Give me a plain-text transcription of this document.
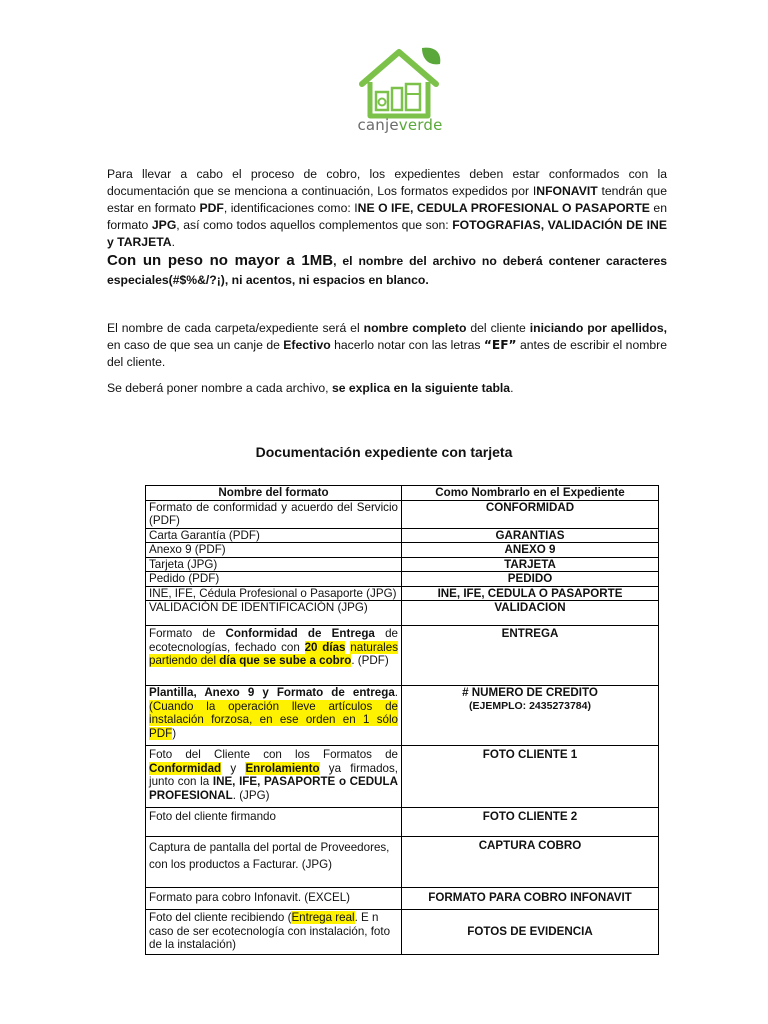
canjeverde
Para llevar a cabo el proceso de cobro, los expedientes deben estar conformados con la documentación que se menciona a continuación, Los formatos expedidos por INFONAVIT tendrán que estar en formato PDF, identificaciones como: INE O IFE, CEDULA PROFESIONAL O PASAPORTE en formato JPG, así como todos aquellos complementos que son: FOTOGRAFIAS, VALIDACIÓN DE INE y TARJETA.
Con un peso no mayor a 1MB, el nombre del archivo no deberá contener caracteres especiales(#$%&/?¡), ni acentos, ni espacios en blanco.
El nombre de cada carpeta/expediente será el nombre completo del cliente iniciando por apellidos, en caso de que sea un canje de Efectivo hacerlo notar con las letras “EF” antes de escribir el nombre del cliente.
Se deberá poner nombre a cada archivo, se explica en la siguiente tabla.
Documentación expediente con tarjeta
Nombre del formato	Como Nombrarlo en el Expediente
Formato de conformidad y acuerdo del Servicio (PDF)	CONFORMIDAD
Carta Garantía (PDF)	GARANTIAS
Anexo 9 (PDF)	ANEXO 9
Tarjeta (JPG)	TARJETA
Pedido (PDF)	PEDIDO
INE, IFE, Cédula Profesional o Pasaporte (JPG)	INE, IFE, CEDULA O PASAPORTE
VALIDACIÓN DE IDENTIFICACIÓN (JPG)	VALIDACION
Formato de Conformidad de Entrega de ecotecnologías, fechado con 20 días naturales partiendo del día que se sube a cobro. (PDF)	ENTREGA
Plantilla, Anexo 9 y Formato de entrega. (Cuando la operación lleve artículos de instalación forzosa, en ese orden en 1 sólo PDF)	# NUMERO DE CREDITO
(EJEMPLO: 2435273784)

Foto del Cliente con los Formatos de Conformidad y Enrolamiento ya firmados, junto con la INE, IFE, PASAPORTE o CEDULA PROFESIONAL. (JPG)	FOTO CLIENTE 1
Foto del cliente firmando	FOTO CLIENTE 2
Captura de pantalla del portal de Proveedores, con los productos a Facturar. (JPG)	CAPTURA COBRO
Formato para cobro Infonavit. (EXCEL)	FORMATO PARA COBRO INFONAVIT
Foto del cliente recibiendo (Entrega real. E n caso de ser ecotecnología con instalación, foto de la instalación)	FOTOS DE EVIDENCIA
